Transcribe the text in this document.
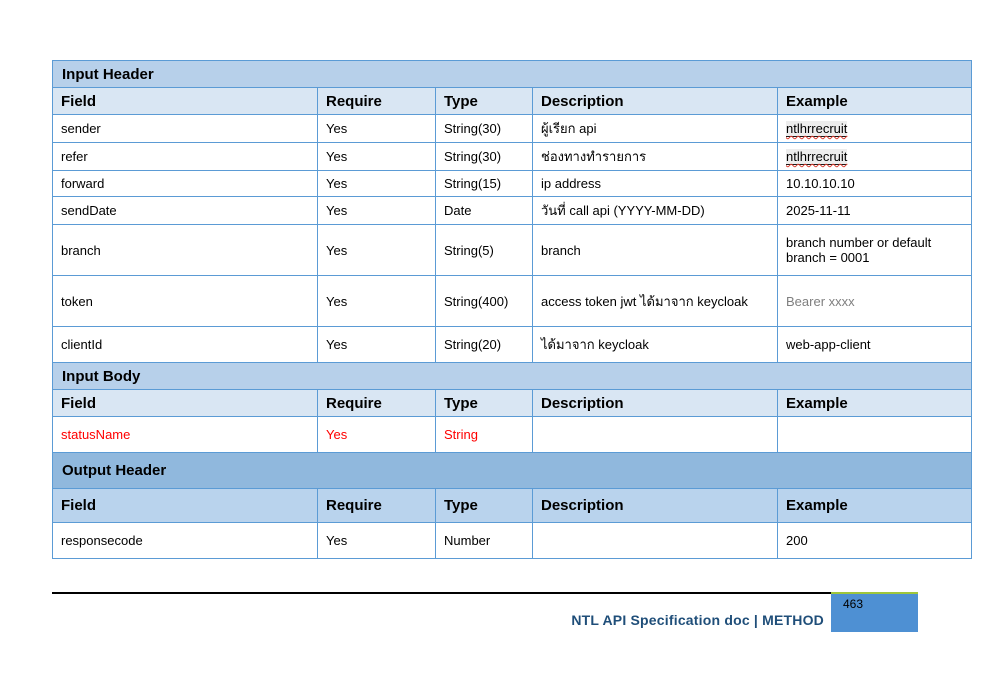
Input Header				
Field	Require	Type	Description	Example
sender	Yes	String(30)	ผู้เรียก api	ntlhrrecruit
refer	Yes	String(30)	ช่องทางทำรายการ	ntlhrrecruit
forward	Yes	String(15)	ip address	10.10.10.10
sendDate	Yes	Date	วันที่ call api (YYYY-MM-DD)	2025-11-11
branch	Yes	String(5)	branch	branch number or default branch = 0001
token	Yes	String(400)	access token jwt ได้มาจาก keycloak	Bearer xxxx
clientId	Yes	String(20)	ได้มาจาก keycloak	web-app-client
Input Body				
Field	Require	Type	Description	Example
statusName	Yes	String		
Output Header				
Field	Require	Type	Description	Example
responsecode	Yes	Number		200
NTL API Specification doc | METHOD
463
